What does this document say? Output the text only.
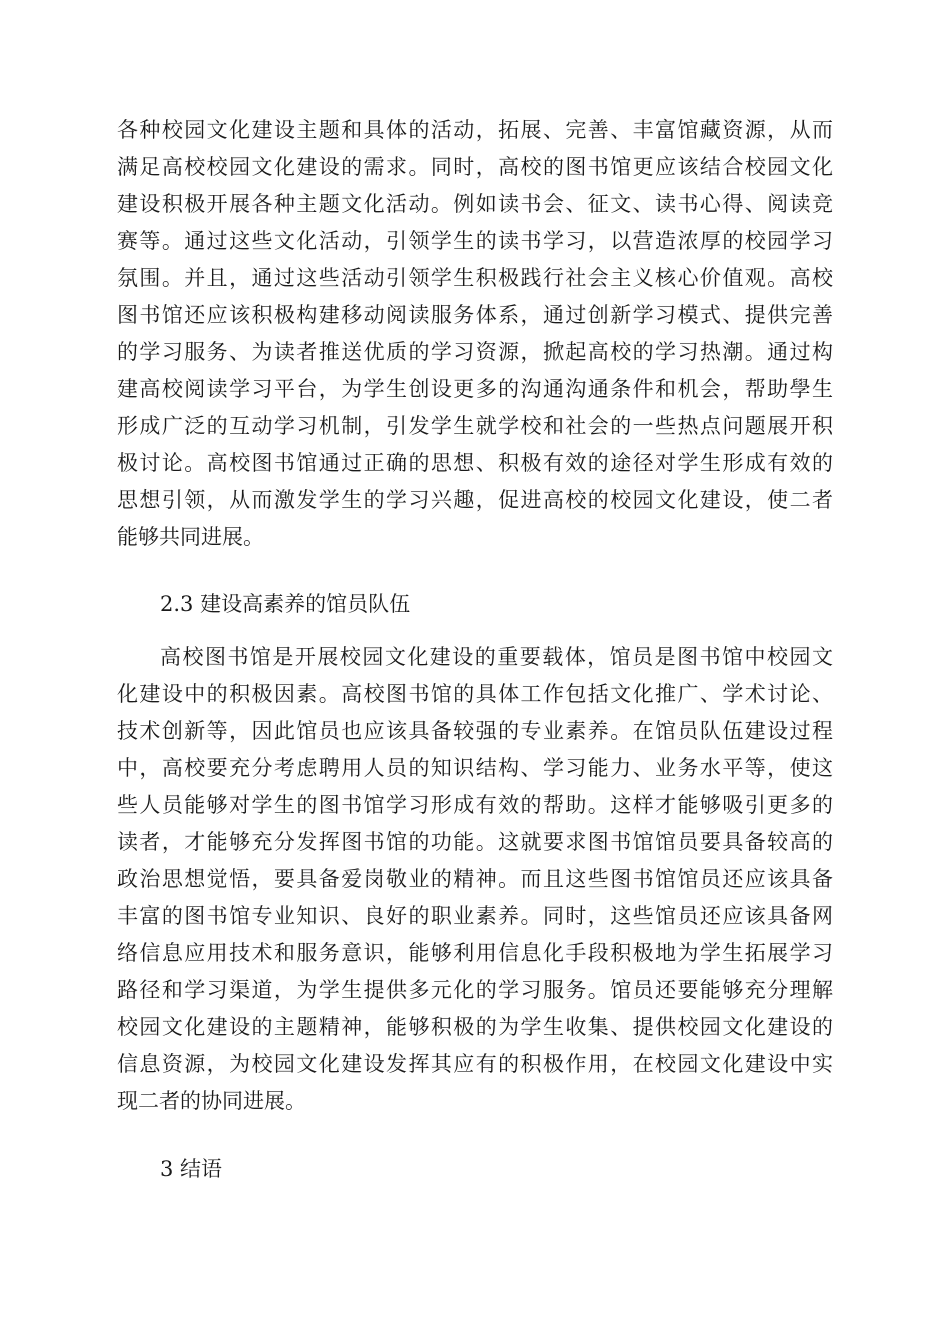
各种校园文化建设主题和具体的活动，拓展、完善、丰富馆藏资源，从而
满足高校校园文化建设的需求。同时，高校的图书馆更应该结合校园文化
建设积极开展各种主题文化活动。例如读书会、征文、读书心得、阅读竞
赛等。通过这些文化活动，引领学生的读书学习，以营造浓厚的校园学习
氛围。并且，通过这些活动引领学生积极践行社会主义核心价值观。高校
图书馆还应该积极构建移动阅读服务体系，通过创新学习模式、提供完善
的学习服务、为读者推送优质的学习资源，掀起高校的学习热潮。通过构
建高校阅读学习平台，为学生创设更多的沟通沟通条件和机会，帮助學生
形成广泛的互动学习机制，引发学生就学校和社会的一些热点问题展开积
极讨论。高校图书馆通过正确的思想、积极有效的途径对学生形成有效的
思想引领，从而激发学生的学习兴趣，促进高校的校园文化建设，使二者
能够共同进展。
2.3 建设高素养的馆员队伍
高校图书馆是开展校园文化建设的重要载体，馆员是图书馆中校园文
化建设中的积极因素。高校图书馆的具体工作包括文化推广、学术讨论、
技术创新等，因此馆员也应该具备较强的专业素养。在馆员队伍建设过程
中，高校要充分考虑聘用人员的知识结构、学习能力、业务水平等，使这
些人员能够对学生的图书馆学习形成有效的帮助。这样才能够吸引更多的
读者，才能够充分发挥图书馆的功能。这就要求图书馆馆员要具备较高的
政治思想觉悟，要具备爱岗敬业的精神。而且这些图书馆馆员还应该具备
丰富的图书馆专业知识、良好的职业素养。同时，这些馆员还应该具备网
络信息应用技术和服务意识，能够利用信息化手段积极地为学生拓展学习
路径和学习渠道，为学生提供多元化的学习服务。馆员还要能够充分理解
校园文化建设的主题精神，能够积极的为学生收集、提供校园文化建设的
信息资源，为校园文化建设发挥其应有的积极作用，在校园文化建设中实
现二者的协同进展。
3 结语
